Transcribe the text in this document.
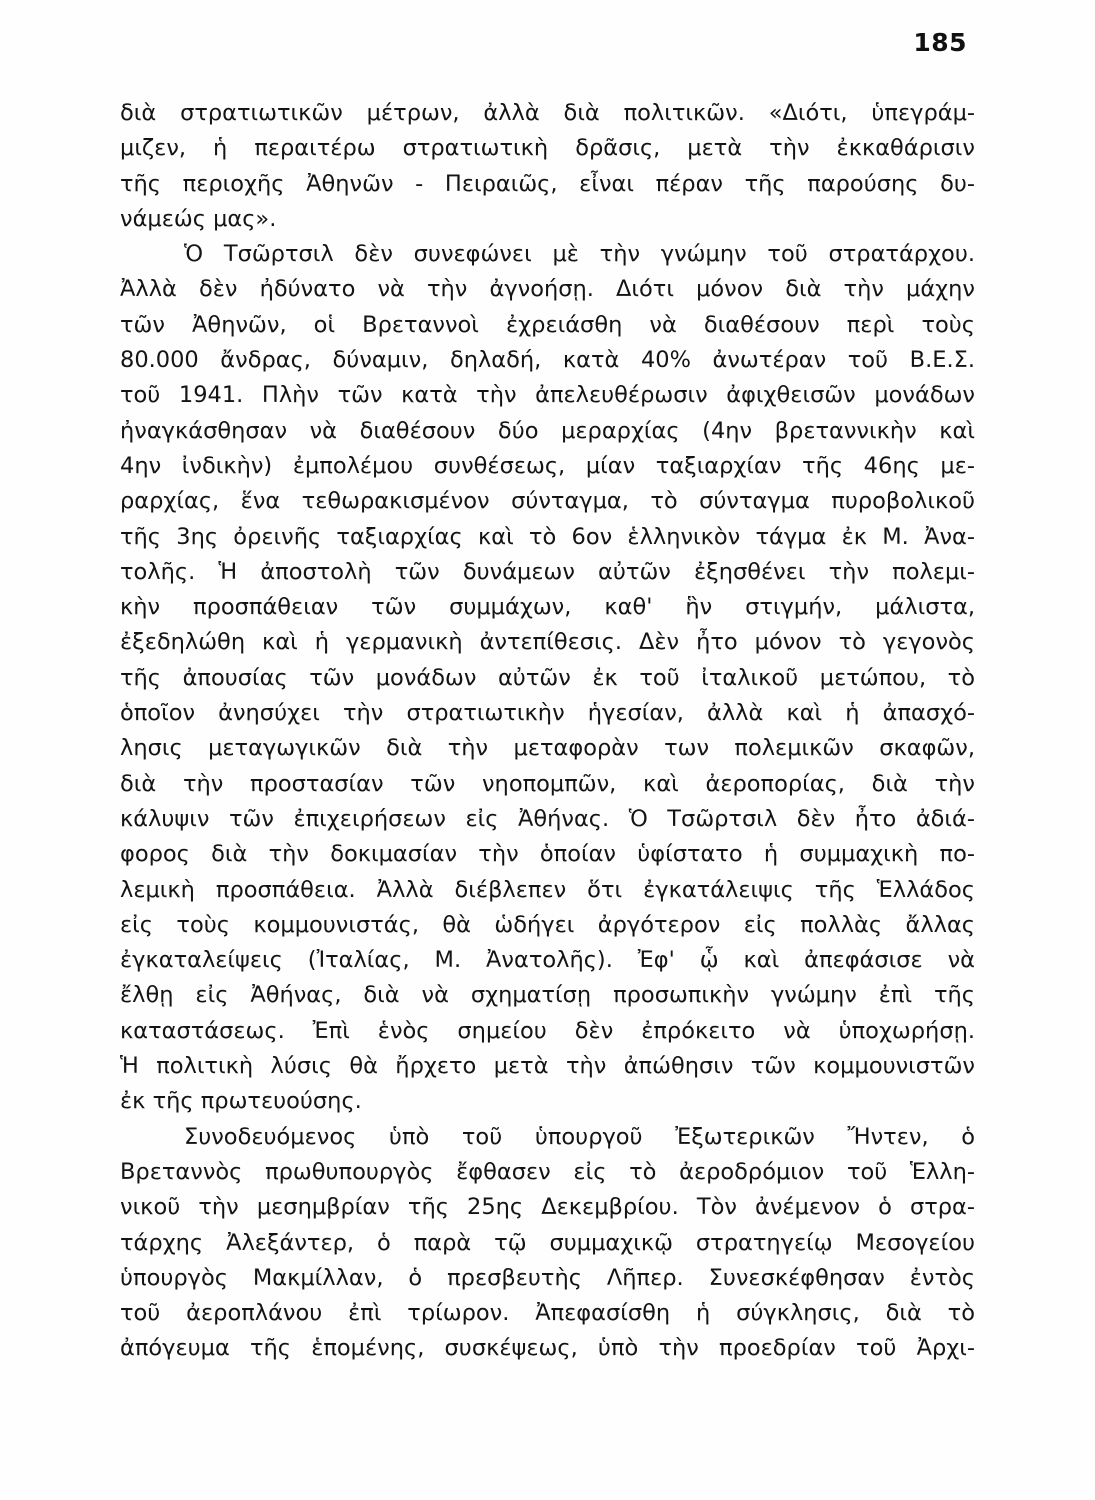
185
διὰ στρατιωτικῶν μέτρων, ἀλλὰ διὰ πολιτικῶν. «Διότι, ὑπεγράμ-
μιζεν, ἡ περαιτέρω στρατιωτικὴ δρᾶσις, μετὰ τὴν ἐκκαθάρισιν
τῆς περιοχῆς Ἀθηνῶν - Πειραιῶς, εἶναι πέραν τῆς παρούσης δυ-
νάμεώς μας».
Ὁ Τσῶρτσιλ δὲν συνεφώνει μὲ τὴν γνώμην τοῦ στρατάρχου.
Ἀλλὰ δὲν ἠδύνατο νὰ τὴν ἀγνοήσῃ. Διότι μόνον διὰ τὴν μάχην
τῶν Ἀθηνῶν, οἱ Βρεταννοὶ ἐχρειάσθη νὰ διαθέσουν περὶ τοὺς
80.000 ἄνδρας, δύναμιν, δηλαδή, κατὰ 40% ἀνωτέραν τοῦ Β.Ε.Σ.
τοῦ 1941. Πλὴν τῶν κατὰ τὴν ἀπελευθέρωσιν ἀφιχθεισῶν μονάδων
ἠναγκάσθησαν νὰ διαθέσουν δύο μεραρχίας (4ην βρεταννικὴν καὶ
4ην ἰνδικὴν) ἐμπολέμου συνθέσεως, μίαν ταξιαρχίαν τῆς 46ης με-
ραρχίας, ἕνα τεθωρακισμένον σύνταγμα, τὸ σύνταγμα πυροβολικοῦ
τῆς 3ης ὀρεινῆς ταξιαρχίας καὶ τὸ 6ον ἑλληνικὸν τάγμα ἐκ Μ. Ἀνα-
τολῆς. Ἡ ἀποστολὴ τῶν δυνάμεων αὐτῶν ἐξησθένει τὴν πολεμι-
κὴν προσπάθειαν τῶν συμμάχων, καθ' ἣν στιγμήν, μάλιστα,
ἐξεδηλώθη καὶ ἡ γερμανικὴ ἀντεπίθεσις. Δὲν ἦτο μόνον τὸ γεγονὸς
τῆς ἀπουσίας τῶν μονάδων αὐτῶν ἐκ τοῦ ἰταλικοῦ μετώπου, τὸ
ὁποῖον ἀνησύχει τὴν στρατιωτικὴν ἡγεσίαν, ἀλλὰ καὶ ἡ ἀπασχό-
λησις μεταγωγικῶν διὰ τὴν μεταφορὰν των πολεμικῶν σκαφῶν,
διὰ τὴν προστασίαν τῶν νηοπομπῶν, καὶ ἀεροπορίας, διὰ τὴν
κάλυψιν τῶν ἐπιχειρήσεων εἰς Ἀθήνας. Ὁ Τσῶρτσιλ δὲν ἦτο ἀδιά-
φορος διὰ τὴν δοκιμασίαν τὴν ὁποίαν ὑφίστατο ἡ συμμαχικὴ πο-
λεμικὴ προσπάθεια. Ἀλλὰ διέβλεπεν ὅτι ἐγκατάλειψις τῆς Ἑλλάδος
εἰς τοὺς κομμουνιστάς, θὰ ὡδήγει ἀργότερον εἰς πολλὰς ἄλλας
ἐγκαταλείψεις (Ἰταλίας, Μ. Ἀνατολῆς). Ἐφ' ᾧ καὶ ἀπεφάσισε νὰ
ἔλθῃ εἰς Ἀθήνας, διὰ νὰ σχηματίσῃ προσωπικὴν γνώμην ἐπὶ τῆς
καταστάσεως. Ἐπὶ ἑνὸς σημείου δὲν ἐπρόκειτο νὰ ὑποχωρήσῃ.
Ἡ πολιτικὴ λύσις θὰ ἤρχετο μετὰ τὴν ἀπώθησιν τῶν κομμουνιστῶν
ἐκ τῆς πρωτευούσης.
Συνοδευόμενος ὑπὸ τοῦ ὑπουργοῦ Ἐξωτερικῶν Ἤντεν, ὁ
Βρεταννὸς πρωθυπουργὸς ἔφθασεν εἰς τὸ ἀεροδρόμιον τοῦ Ἑλλη-
νικοῦ τὴν μεσημβρίαν τῆς 25ης Δεκεμβρίου. Τὸν ἀνέμενον ὁ στρα-
τάρχης Ἀλεξάντερ, ὁ παρὰ τῷ συμμαχικῷ στρατηγείῳ Μεσογείου
ὑπουργὸς Μακμίλλαν, ὁ πρεσβευτὴς Λῆπερ. Συνεσκέφθησαν ἐντὸς
τοῦ ἀεροπλάνου ἐπὶ τρίωρον. Ἀπεφασίσθη ἡ σύγκλησις, διὰ τὸ
ἀπόγευμα τῆς ἑπομένης, συσκέψεως, ὑπὸ τὴν προεδρίαν τοῦ Ἀρχι-
